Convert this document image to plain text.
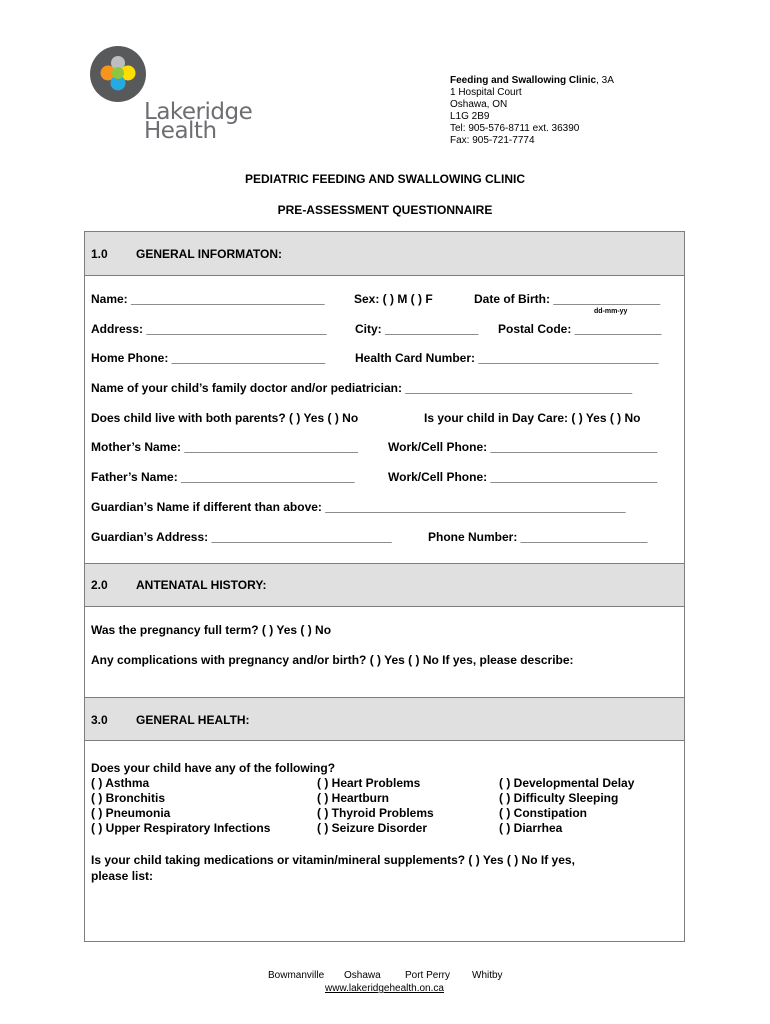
Lakeridge
Health
Feeding and Swallowing Clinic, 3A
1 Hospital Court
Oshawa, ON
L1G 2B9
Tel: 905-576-8711 ext. 36390
Fax: 905-721-7774
PEDIATRIC FEEDING AND SWALLOWING CLINIC
PRE-ASSESSMENT QUESTIONNAIRE
1.0 GENERAL INFORMATON:
Name: _____________________________ Sex: ( ) M ( ) F	Date of Birth: ________________
dd-mm-yy
Address: ___________________________ City: ______________ Postal Code: _____________
Home Phone: _______________________ Health Card Number: ___________________________
Name of your child’s family doctor and/or pediatrician: __________________________________
Does child live with both parents? ( ) Yes ( ) No	Is your child in Day Care: ( ) Yes ( ) No
Mother’s Name: __________________________	Work/Cell Phone: _________________________
Father’s Name: __________________________	Work/Cell Phone: _________________________
Guardian’s Name if different than above: _____________________________________________
Guardian’s Address: ___________________________	Phone Number: ___________________
2.0 ANTENATAL HISTORY:
Was the pregnancy full term? ( ) Yes ( ) No
Any complications with pregnancy and/or birth? ( ) Yes ( ) No If yes, please describe:
3.0 GENERAL HEALTH:
Does your child have any of the following?
( ) Asthma
( ) Bronchitis
( ) Pneumonia
( ) Upper Respiratory Infections
( ) Heart Problems
( ) Heartburn
( ) Thyroid Problems
( ) Seizure Disorder
( ) Developmental Delay
( ) Difficulty Sleeping
( ) Constipation
( ) Diarrhea
Is your child taking medications or vitamin/mineral supplements? ( ) Yes ( ) No If yes,
please list:
Bowmanville Oshawa Port Perry Whitby
www.lakeridgehealth.on.ca
